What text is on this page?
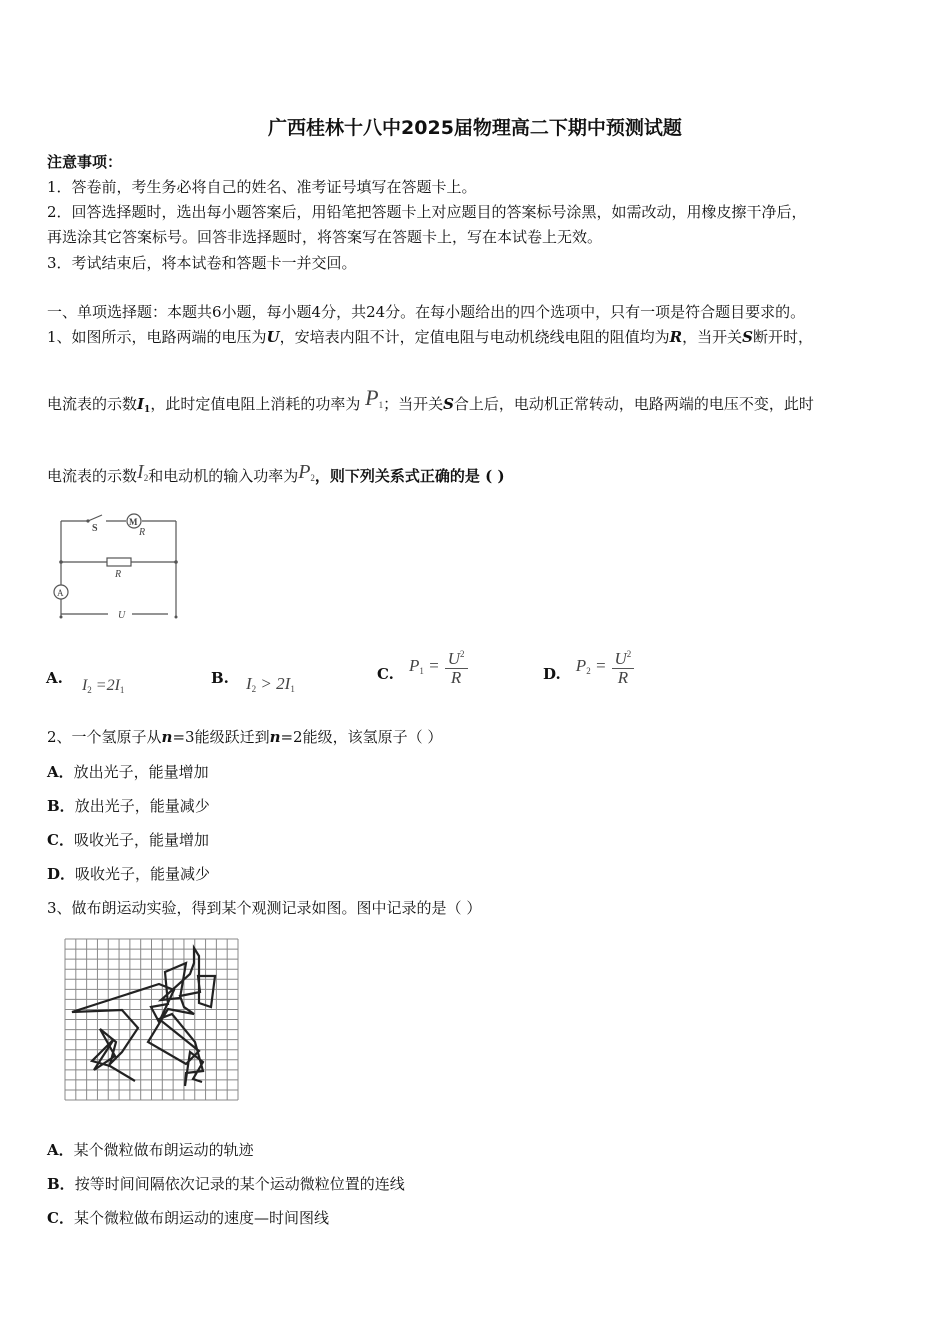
广西桂林十八中2025届物理高二下期中预测试题
注意事项：
1．答卷前，考生务必将自己的姓名、准考证号填写在答题卡上。
2．回答选择题时，选出每小题答案后，用铅笔把答题卡上对应题目的答案标号涂黑，如需改动，用橡皮擦干净后，
再选涂其它答案标号。回答非选择题时，将答案写在答题卡上，写在本试卷上无效。
3．考试结束后，将本试卷和答题卡一并交回。
一、单项选择题：本题共6小题，每小题4分，共24分。在每小题给出的四个选项中，只有一项是符合题目要求的。
1、如图所示，电路两端的电压为U，安培表内阻不计，定值电阻与电动机绕线电阻的阻值均为R，当开关S断开时，
电流表的示数$I_1$，此时定值电阻上消耗的功率为 $P_1$；当开关S合上后，电动机正常转动，电路两端的电压不变，此时
电流表的示数$I_2$和电动机的输入功率为$P_2$，则下列关系式正确的是 ( )
S
M
R
R
A
U
A. $I_2 =2I_1$
B. $I_2 > 2I_1$
C. $P_1 = \frac{U^2}{R}$	D. $P_2 = \frac{U^2}{R}$
2、一个氢原子从n=3能级跃迁到n=2能级，该氢原子（ ）
A．放出光子，能量增加
B．放出光子，能量减少
C．吸收光子，能量增加
D．吸收光子，能量减少
3、做布朗运动实验，得到某个观测记录如图。图中记录的是（ ）
A．某个微粒做布朗运动的轨迹
B．按等时间间隔依次记录的某个运动微粒位置的连线
C．某个微粒做布朗运动的速度—时间图线
